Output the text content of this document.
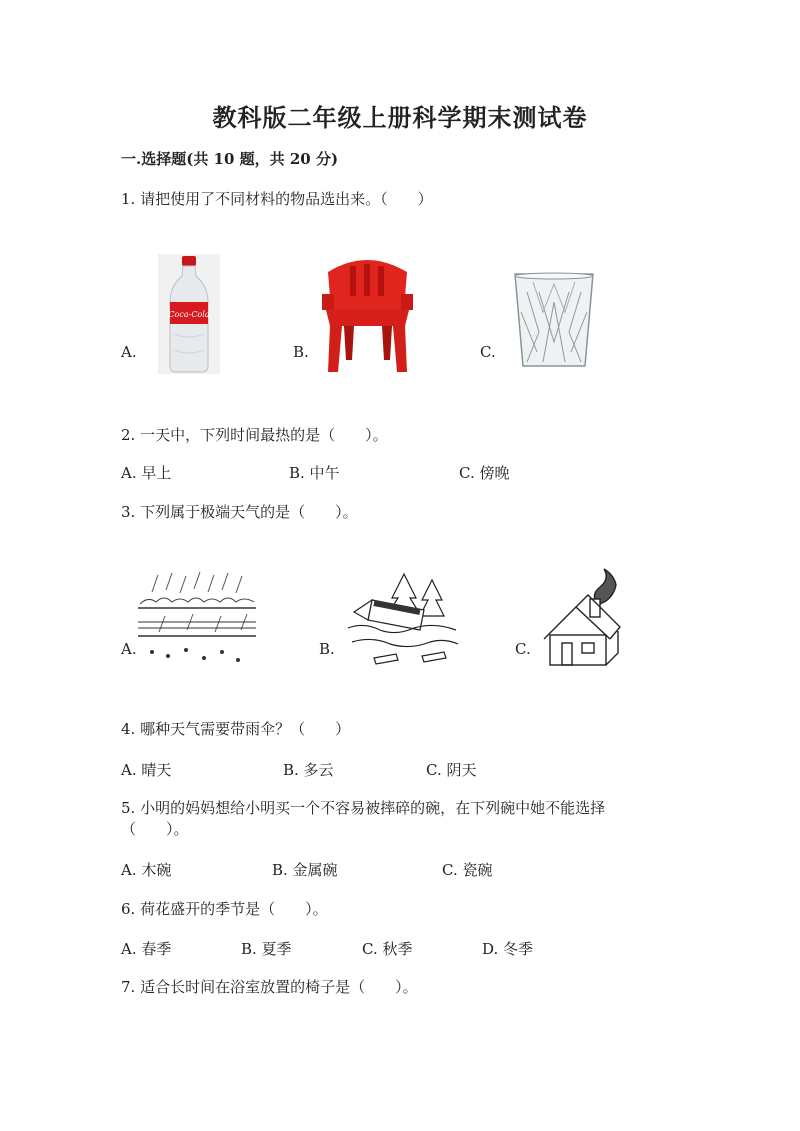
教科版二年级上册科学期末测试卷
一.选择题(共 10 题，共 20 分)
1. 请把使用了不同材料的物品选出来。（　　）
A.
Coca-Cola
B.	C.
2. 一天中，下列时间最热的是（　　）。
A. 早上	B. 中午	C. 傍晚
3. 下列属于极端天气的是（　　）。
A.	B.	C.
4. 哪种天气需要带雨伞？（　　）
A. 晴天	B. 多云	C. 阴天
5. 小明的妈妈想给小明买一个不容易被摔碎的碗，在下列碗中她不能选择
（　　）。
A. 木碗	B. 金属碗	C. 瓷碗
6. 荷花盛开的季节是（　　）。
A. 春季	B. 夏季	C. 秋季	D. 冬季
7. 适合长时间在浴室放置的椅子是（　　）。
